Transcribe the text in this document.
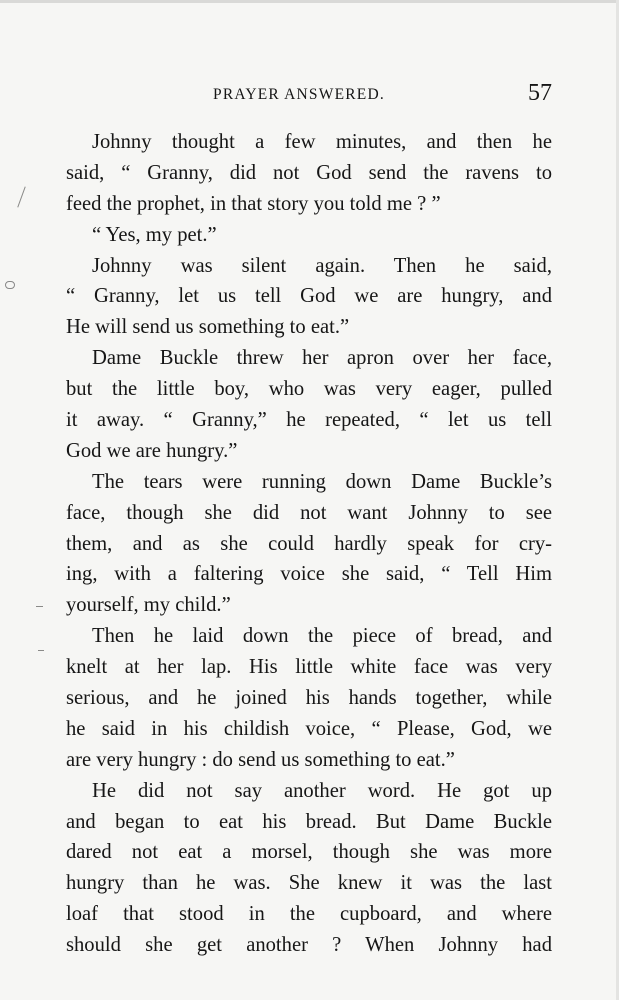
PRAYER ANSWERED.	57
Johnny thought a few minutes, and then he
said, “ Granny, did not God send the ravens to
feed the prophet, in that story you told me ? ”
“ Yes, my pet.”
Johnny was silent again. Then he said,
“ Granny, let us tell God we are hungry, and
He will send us something to eat.”
Dame Buckle threw her apron over her face,
but the little boy, who was very eager, pulled
it away. “ Granny,” he repeated, “ let us tell
God we are hungry.”
The tears were running down Dame Buckle’s
face, though she did not want Johnny to see
them, and as she could hardly speak for cry-
ing, with a faltering voice she said, “ Tell Him
yourself, my child.”
Then he laid down the piece of bread, and
knelt at her lap. His little white face was very
serious, and he joined his hands together, while
he said in his childish voice, “ Please, God, we
are very hungry : do send us something to eat.”
He did not say another word. He got up
and began to eat his bread. But Dame Buckle
dared not eat a morsel, though she was more
hungry than he was. She knew it was the last
loaf that stood in the cupboard, and where
should she get another ? When Johnny had
